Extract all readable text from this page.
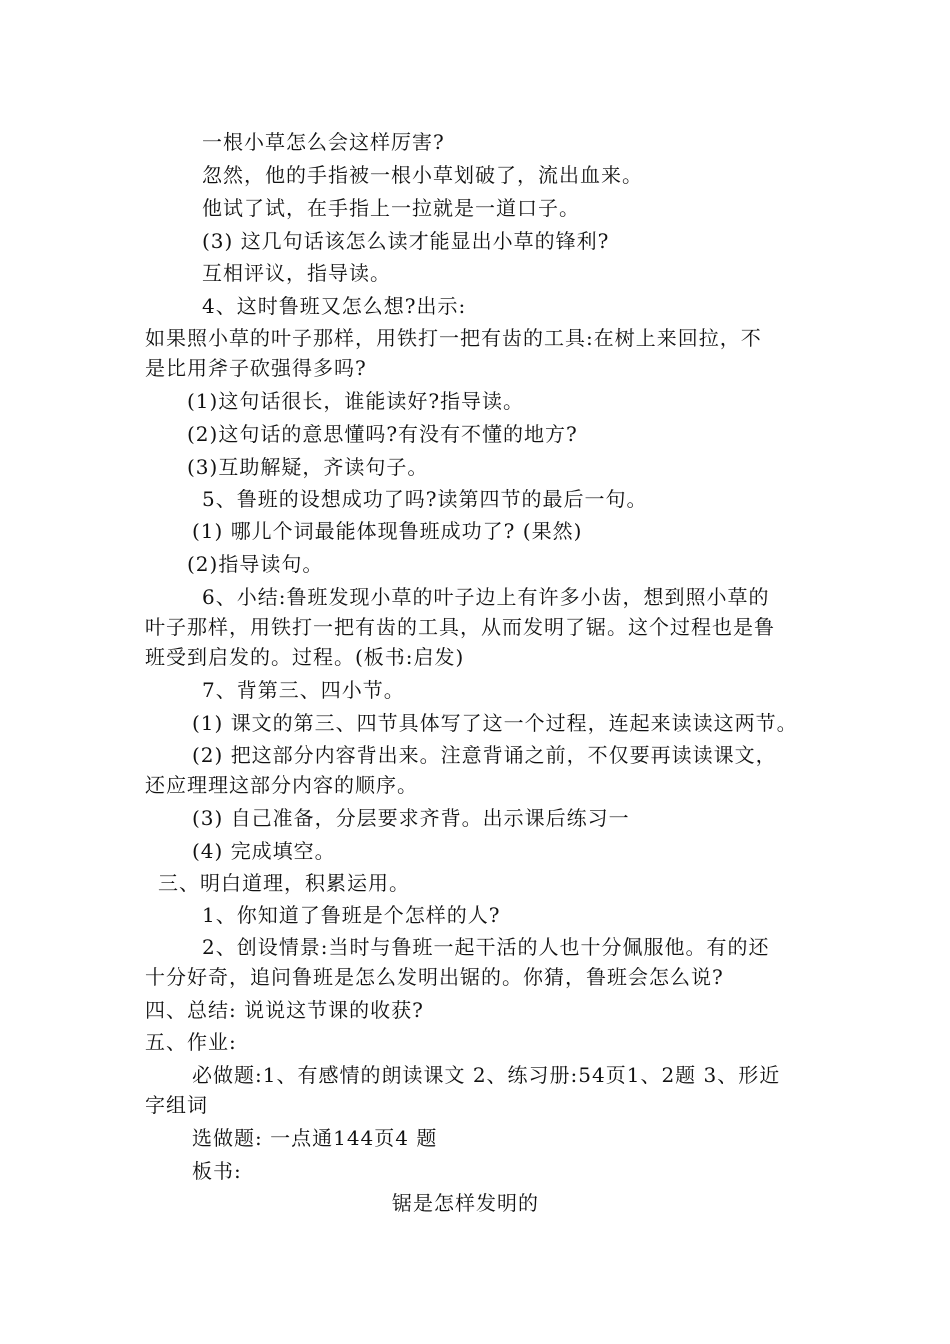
一根小草怎么会这样厉害?
忽然，他的手指被一根小草划破了，流出血来。
他试了试，在手指上一拉就是一道口子。
(3) 这几句话该怎么读才能显出小草的锋利?
互相评议，指导读。
4、这时鲁班又怎么想?出示:
如果照小草的叶子那样，用铁打一把有齿的工具:在树上来回拉，不
是比用斧子砍强得多吗?
(1)这句话很长，谁能读好?指导读。
(2)这句话的意思懂吗?有没有不懂的地方?
(3)互助解疑，齐读句子。
5、鲁班的设想成功了吗?读第四节的最后一句。
(1) 哪儿个词最能体现鲁班成功了? (果然)
(2)指导读句。
6、小结:鲁班发现小草的叶子边上有许多小齿，想到照小草的
叶子那样，用铁打一把有齿的工具，从而发明了锯。这个过程也是鲁
班受到启发的。过程。(板书:启发)
7、背第三、四小节。
(1) 课文的第三、四节具体写了这一个过程，连起来读读这两节。
(2) 把这部分内容背出来。注意背诵之前，不仅要再读读课文，
还应理理这部分内容的顺序。
(3) 自己准备，分层要求齐背。出示课后练习一
(4) 完成填空。
三、明白道理，积累运用。
1、你知道了鲁班是个怎样的人?
2、创设情景:当时与鲁班一起干活的人也十分佩服他。有的还
十分好奇，追问鲁班是怎么发明出锯的。你猜，鲁班会怎么说?
四、总结: 说说这节课的收获?
五、作业:
必做题:1、有感情的朗读课文 2、练习册:54页1、2题 3、形近
字组词
选做题: 一点通144页4 题
板书:
锯是怎样发明的
